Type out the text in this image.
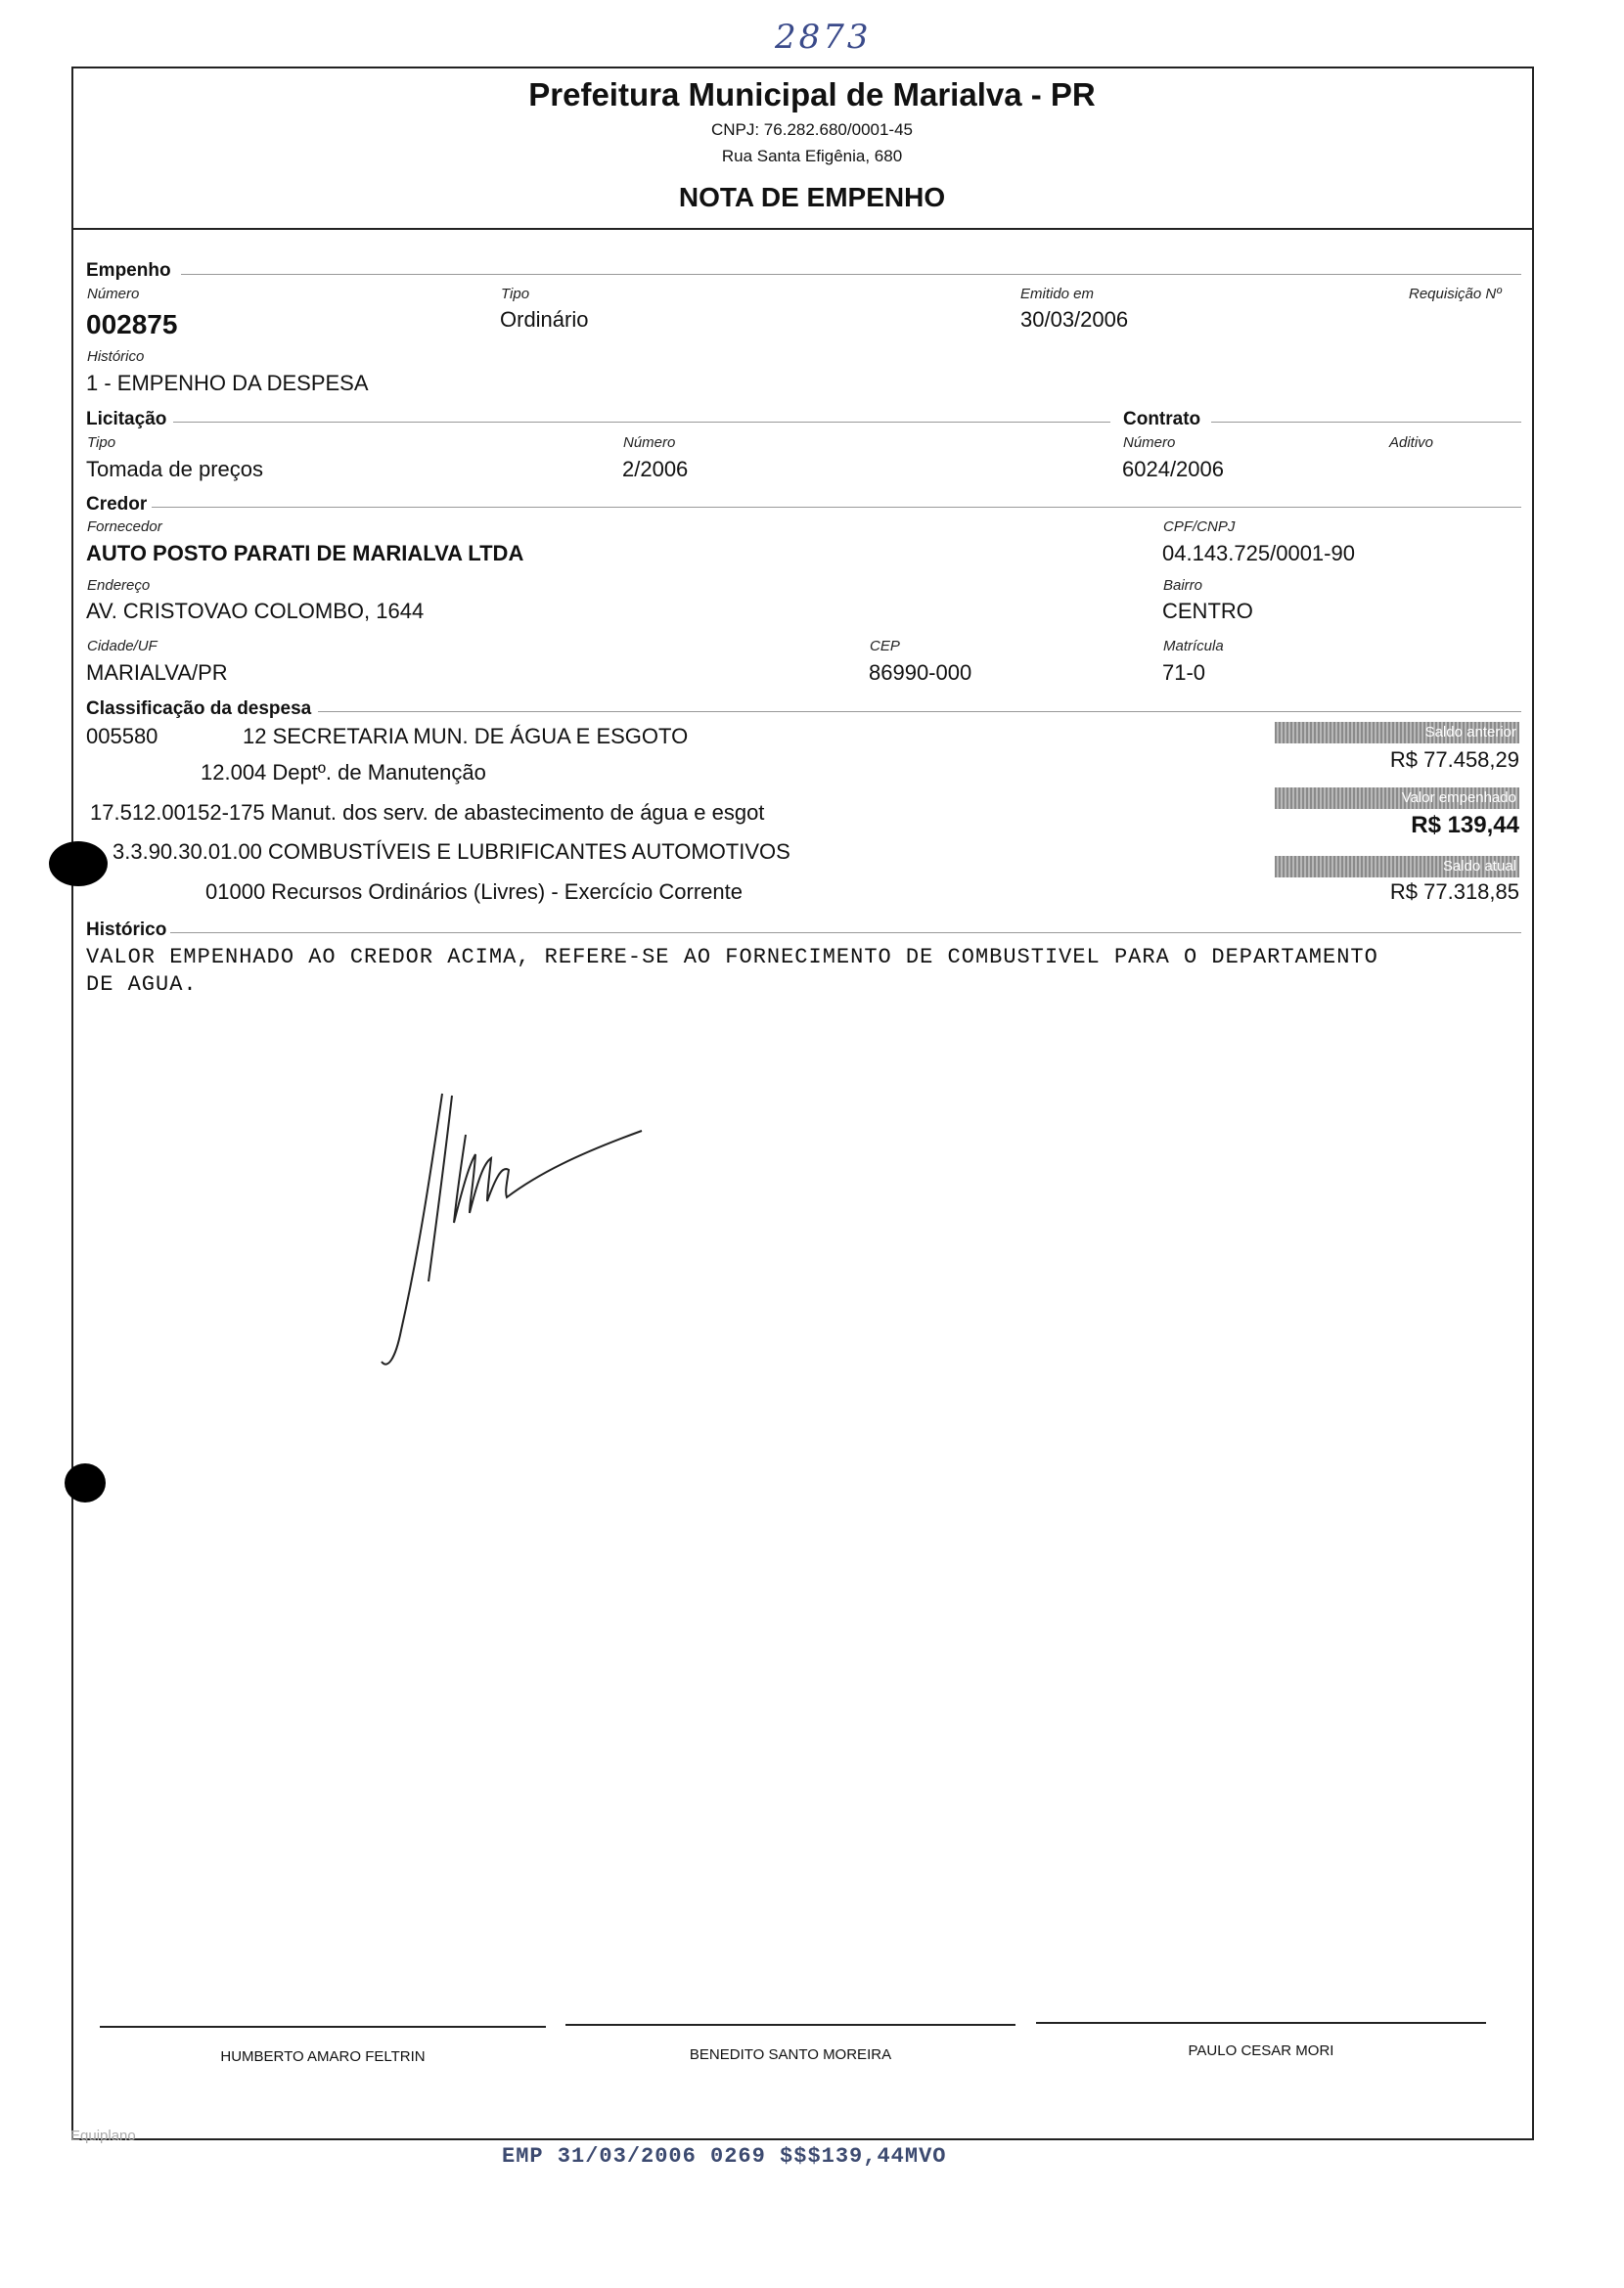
2873
Prefeitura Municipal de Marialva - PR
CNPJ: 76.282.680/0001-45
Rua Santa Efigênia, 680
NOTA DE EMPENHO
Empenho
Número
002875
Tipo
Ordinário
Emitido em
30/03/2006
Requisição Nº
Histórico
1 - EMPENHO DA DESPESA
Licitação
Tipo
Tomada de preços
Número
2/2006
Contrato
Número
6024/2006
Aditivo
Credor
Fornecedor
AUTO POSTO PARATI DE MARIALVA LTDA
CPF/CNPJ
04.143.725/0001-90
Endereço
AV. CRISTOVAO COLOMBO, 1644
Bairro
CENTRO
Cidade/UF
MARIALVA/PR
CEP
86990-000
Matrícula
71-0
Classificação da despesa
005580	12 SECRETARIA MUN. DE ÁGUA E ESGOTO
12.004 Deptº. de Manutenção
17.512.00152-175 Manut. dos serv. de abastecimento de água e esgot
3.3.90.30.01.00 COMBUSTÍVEIS E LUBRIFICANTES AUTOMOTIVOS
01000 Recursos Ordinários (Livres) - Exercício Corrente
Saldo anterior
R$ 77.458,29
Valor empenhado
R$ 139,44
Saldo atual
R$ 77.318,85
Histórico
VALOR EMPENHADO AO CREDOR ACIMA, REFERE-SE AO FORNECIMENTO DE COMBUSTIVEL PARA O DEPARTAMENTO
DE AGUA.
HUMBERTO AMARO FELTRIN	BENEDITO SANTO MOREIRA	PAULO CESAR MORI
Equiplano
EMP 31/03/2006 0269 $$$139,44MVO
